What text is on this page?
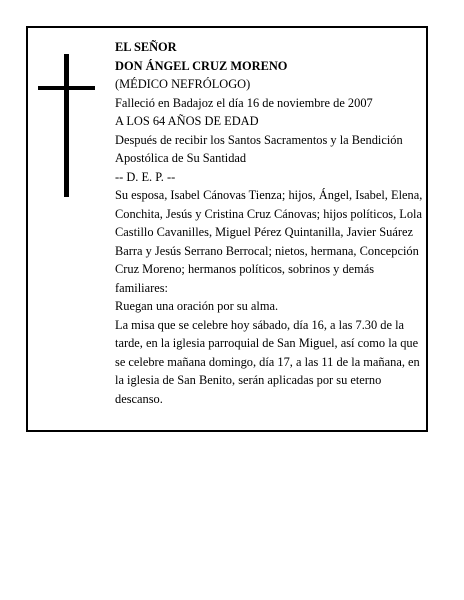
EL SEÑOR
DON ÁNGEL CRUZ MORENO
(MÉDICO NEFRÓLOGO)
Falleció en Badajoz el día 16 de noviembre de 2007
A LOS 64 AÑOS DE EDAD
Después de recibir los Santos Sacramentos y la Bendición Apostólica de Su Santidad
-- D. E. P. --
Su esposa, Isabel Cánovas Tienza; hijos, Ángel, Isabel, Elena, Conchita, Jesús y Cristina Cruz Cánovas; hijos políticos, Lola Castillo Cavanilles, Miguel Pérez Quintanilla, Javier Suárez Barra y Jesús Serrano Berrocal; nietos, hermana, Concepción Cruz Moreno; hermanos políticos, sobrinos y demás familiares:
Ruegan una oración por su alma.
La misa que se celebre hoy sábado, día 16, a las 7.30 de la tarde, en la iglesia parroquial de San Miguel, así como la que se celebre mañana domingo, día 17, a las 11 de la mañana, en la iglesia de San Benito, serán aplicadas por su eterno descanso.
